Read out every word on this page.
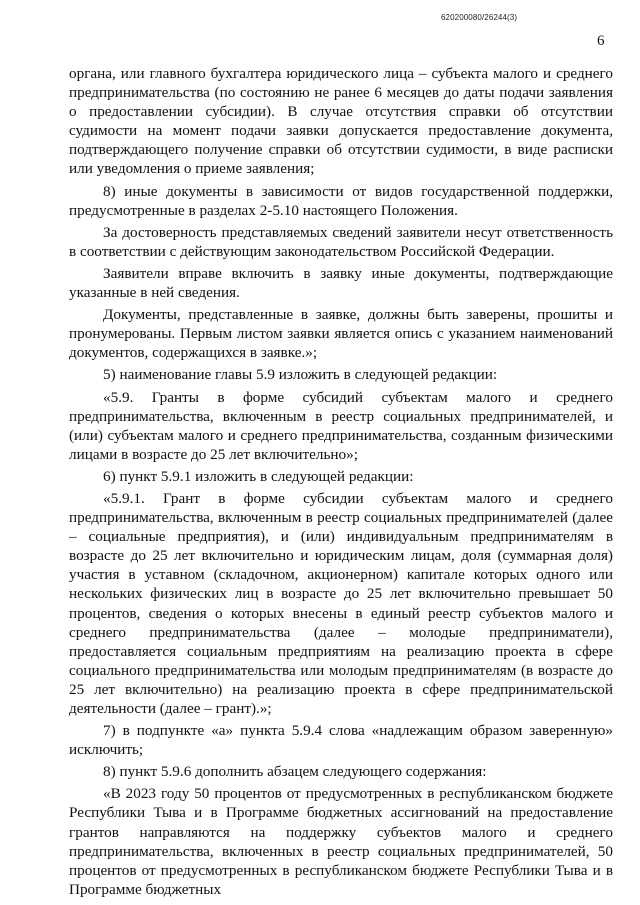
620200080/26244(3)
6

органа, или главного бухгалтера юридического лица – субъекта малого и среднего предпринимательства (по состоянию не ранее 6 месяцев до даты подачи заявления о предоставлении субсидии). В случае отсутствия справки об отсутствии судимости на момент подачи заявки допускается предоставление документа, подтверждающего получение справки об отсутствии судимости, в виде расписки или уведомления о приеме заявления;

8) иные документы в зависимости от видов государственной поддержки, предусмотренные в разделах 2-5.10 настоящего Положения.

За достоверность представляемых сведений заявители несут ответственность в соответствии с действующим законодательством Российской Федерации.

Заявители вправе включить в заявку иные документы, подтверждающие указанные в ней сведения.

Документы, представленные в заявке, должны быть заверены, прошиты и пронумерованы. Первым листом заявки является опись с указанием наименований документов, содержащихся в заявке.»;

5) наименование главы 5.9 изложить в следующей редакции:

«5.9. Гранты в форме субсидий субъектам малого и среднего предпринимательства, включенным в реестр социальных предпринимателей, и (или) субъектам малого и среднего предпринимательства, созданным физическими лицами в возрасте до 25 лет включительно»;

6) пункт 5.9.1 изложить в следующей редакции:

«5.9.1. Грант в форме субсидии субъектам малого и среднего предпринимательства, включенным в реестр социальных предпринимателей (далее – социальные предприятия), и (или) индивидуальным предпринимателям в возрасте до 25 лет включительно и юридическим лицам, доля (суммарная доля) участия в уставном (складочном, акционерном) капитале которых одного или нескольких физических лиц в возрасте до 25 лет включительно превышает 50 процентов, сведения о которых внесены в единый реестр субъектов малого и среднего предпринимательства (далее – молодые предприниматели), предоставляется социальным предприятиям на реализацию проекта в сфере социального предпринимательства или молодым предпринимателям (в возрасте до 25 лет включительно) на реализацию проекта в сфере предпринимательской деятельности (далее – грант).»;

7) в подпункте «а» пункта 5.9.4 слова «надлежащим образом заверенную» исключить;

8) пункт 5.9.6 дополнить абзацем следующего содержания:

«В 2023 году 50 процентов от предусмотренных в республиканском бюджете Республики Тыва и в Программе бюджетных ассигнований на предоставление грантов направляются на поддержку субъектов малого и среднего предпринимательства, включенных в реестр социальных предпринимателей, 50 процентов от предусмотренных в республиканском бюджете Республики Тыва и в Программе бюджетных
